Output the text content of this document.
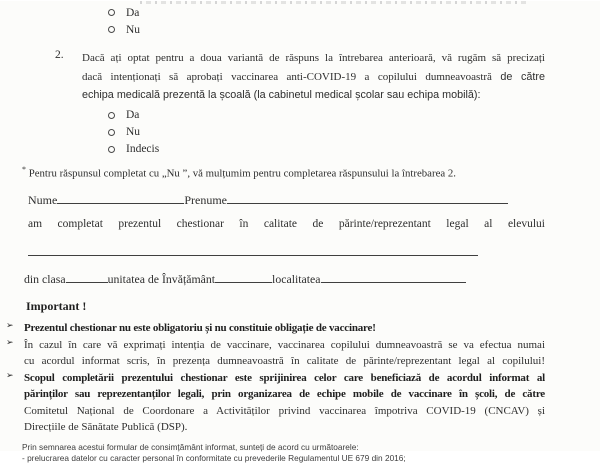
Da
Nu
2.	Dacă ați optat pentru a doua variantă de răspuns la întrebarea anterioară, vă rugăm să precizați
dacă intenționați să aprobați vaccinarea anti-COVID-19 a copilului dumneavoastră de către
echipa medicală prezentă la școală (la cabinetul medical școlar sau echipa mobilă):
Da
Nu
Indecis
* Pentru răspunsul completat cu „Nu ”, vă mulțumim pentru completarea răspunsului la întrebarea 2.
Nume	Prenume
am completat prezentul chestionar în calitate de părinte/reprezentant legal al elevului
din clasa	unitatea de Învățământ	localitatea
Important !
➢ Prezentul chestionar nu este obligatoriu și nu constituie obligație de vaccinare!
➢ În cazul în care vă exprimați intenția de vaccinare, vaccinarea copilului dumneavoastră se va efectua numai
cu acordul informat scris, în prezența dumneavoastră în calitate de părinte/reprezentant legal al copilului!
➢ Scopul completării prezentului chestionar este sprijinirea celor care beneficiază de acordul informat al
părinților sau reprezentanților legali, prin organizarea de echipe mobile de vaccinare în școli, de către
Comitetul Național de Coordonare a Activităților privind vaccinarea împotriva COVID-19 (CNCAV) și
Direcțiile de Sănătate Publică (DSP).
Prin semnarea acestui formular de consimțământ informat, sunteți de acord cu următoarele:
- prelucrarea datelor cu caracter personal în conformitate cu prevederile Regulamentul UE 679 din 2016;
